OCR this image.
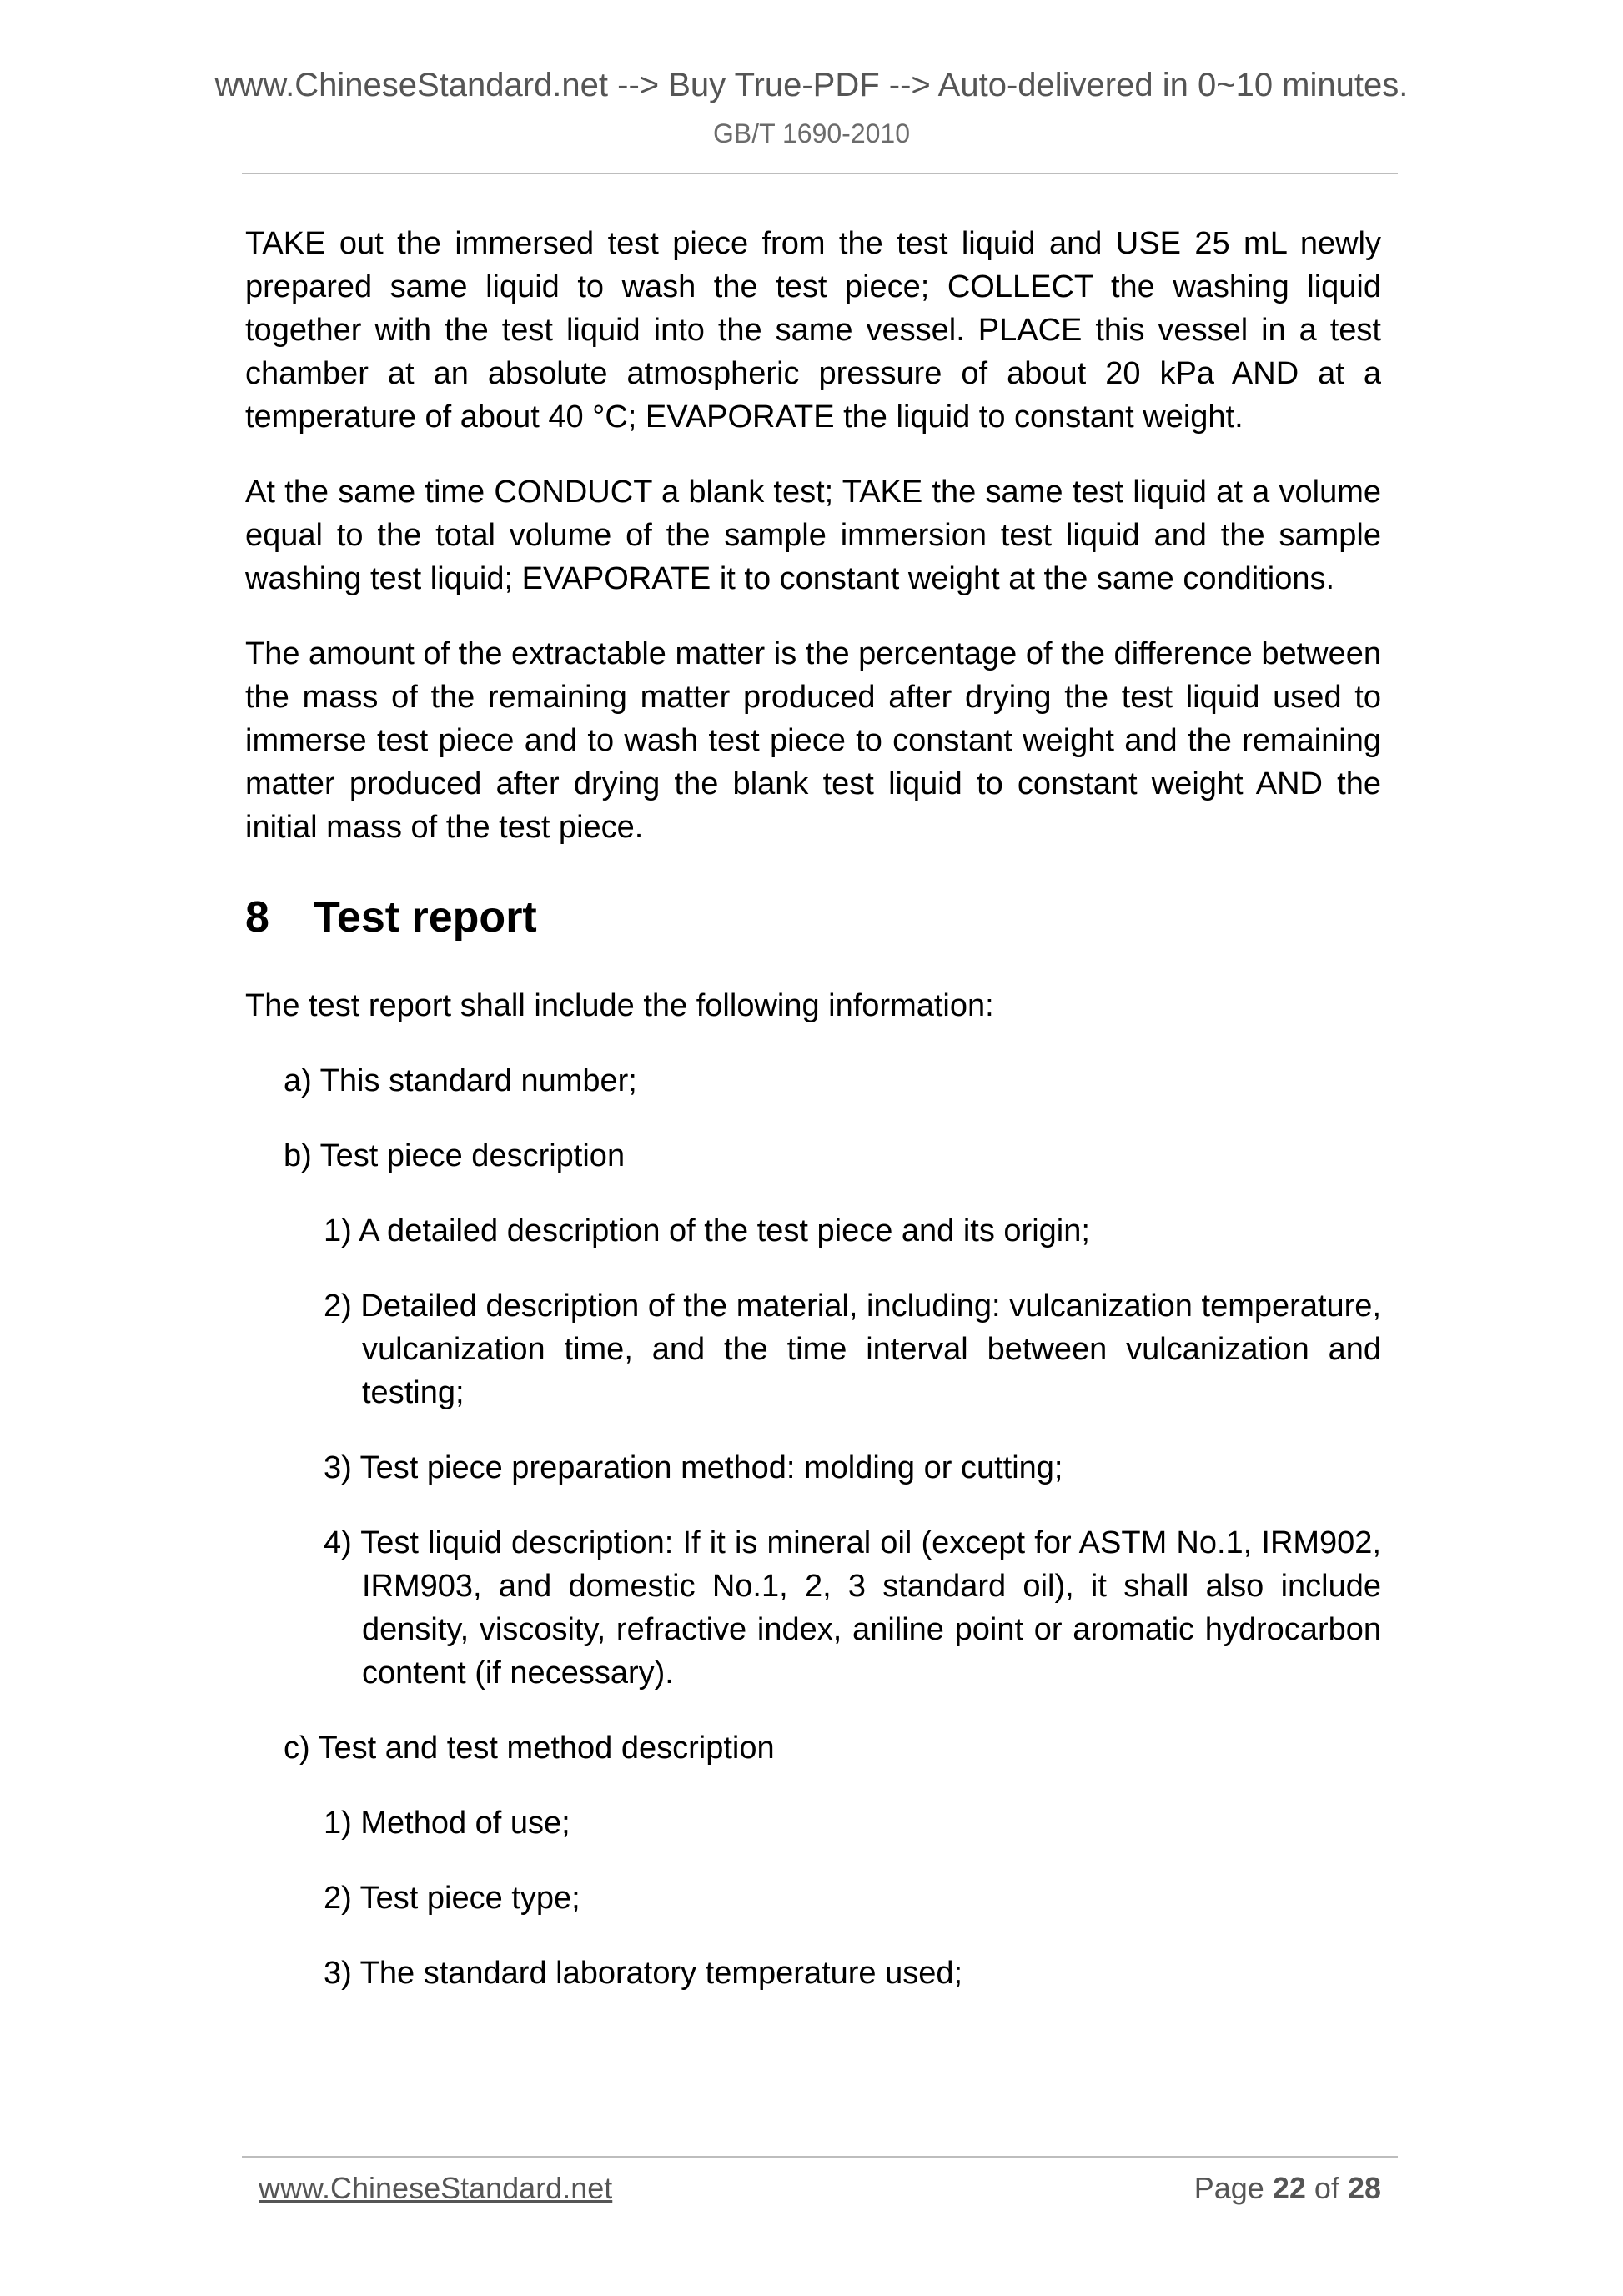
www.ChineseStandard.net --> Buy True-PDF --> Auto-delivered in 0~10 minutes.
GB/T 1690-2010

TAKE out the immersed test piece from the test liquid and USE 25 mL newly prepared same liquid to wash the test piece; COLLECT the washing liquid together with the test liquid into the same vessel. PLACE this vessel in a test chamber at an absolute atmospheric pressure of about 20 kPa AND at a temperature of about 40 °C; EVAPORATE the liquid to constant weight.

At the same time CONDUCT a blank test; TAKE the same test liquid at a volume equal to the total volume of the sample immersion test liquid and the sample washing test liquid; EVAPORATE it to constant weight at the same conditions.

The amount of the extractable matter is the percentage of the difference between the mass of the remaining matter produced after drying the test liquid used to immerse test piece and to wash test piece to constant weight and the remaining matter produced after drying the blank test liquid to constant weight AND the initial mass of the test piece.

8 Test report

The test report shall include the following information:

a) This standard number;

b) Test piece description

1) A detailed description of the test piece and its origin;

2) Detailed description of the material, including: vulcanization temperature, vulcanization time, and the time interval between vulcanization and testing;

3) Test piece preparation method: molding or cutting;

4) Test liquid description: If it is mineral oil (except for ASTM No.1, IRM902, IRM903, and domestic No.1, 2, 3 standard oil), it shall also include density, viscosity, refractive index, aniline point or aromatic hydrocarbon content (if necessary).

c) Test and test method description

1) Method of use;

2) Test piece type;

3) The standard laboratory temperature used;

www.ChineseStandard.net	Page 22 of 28
